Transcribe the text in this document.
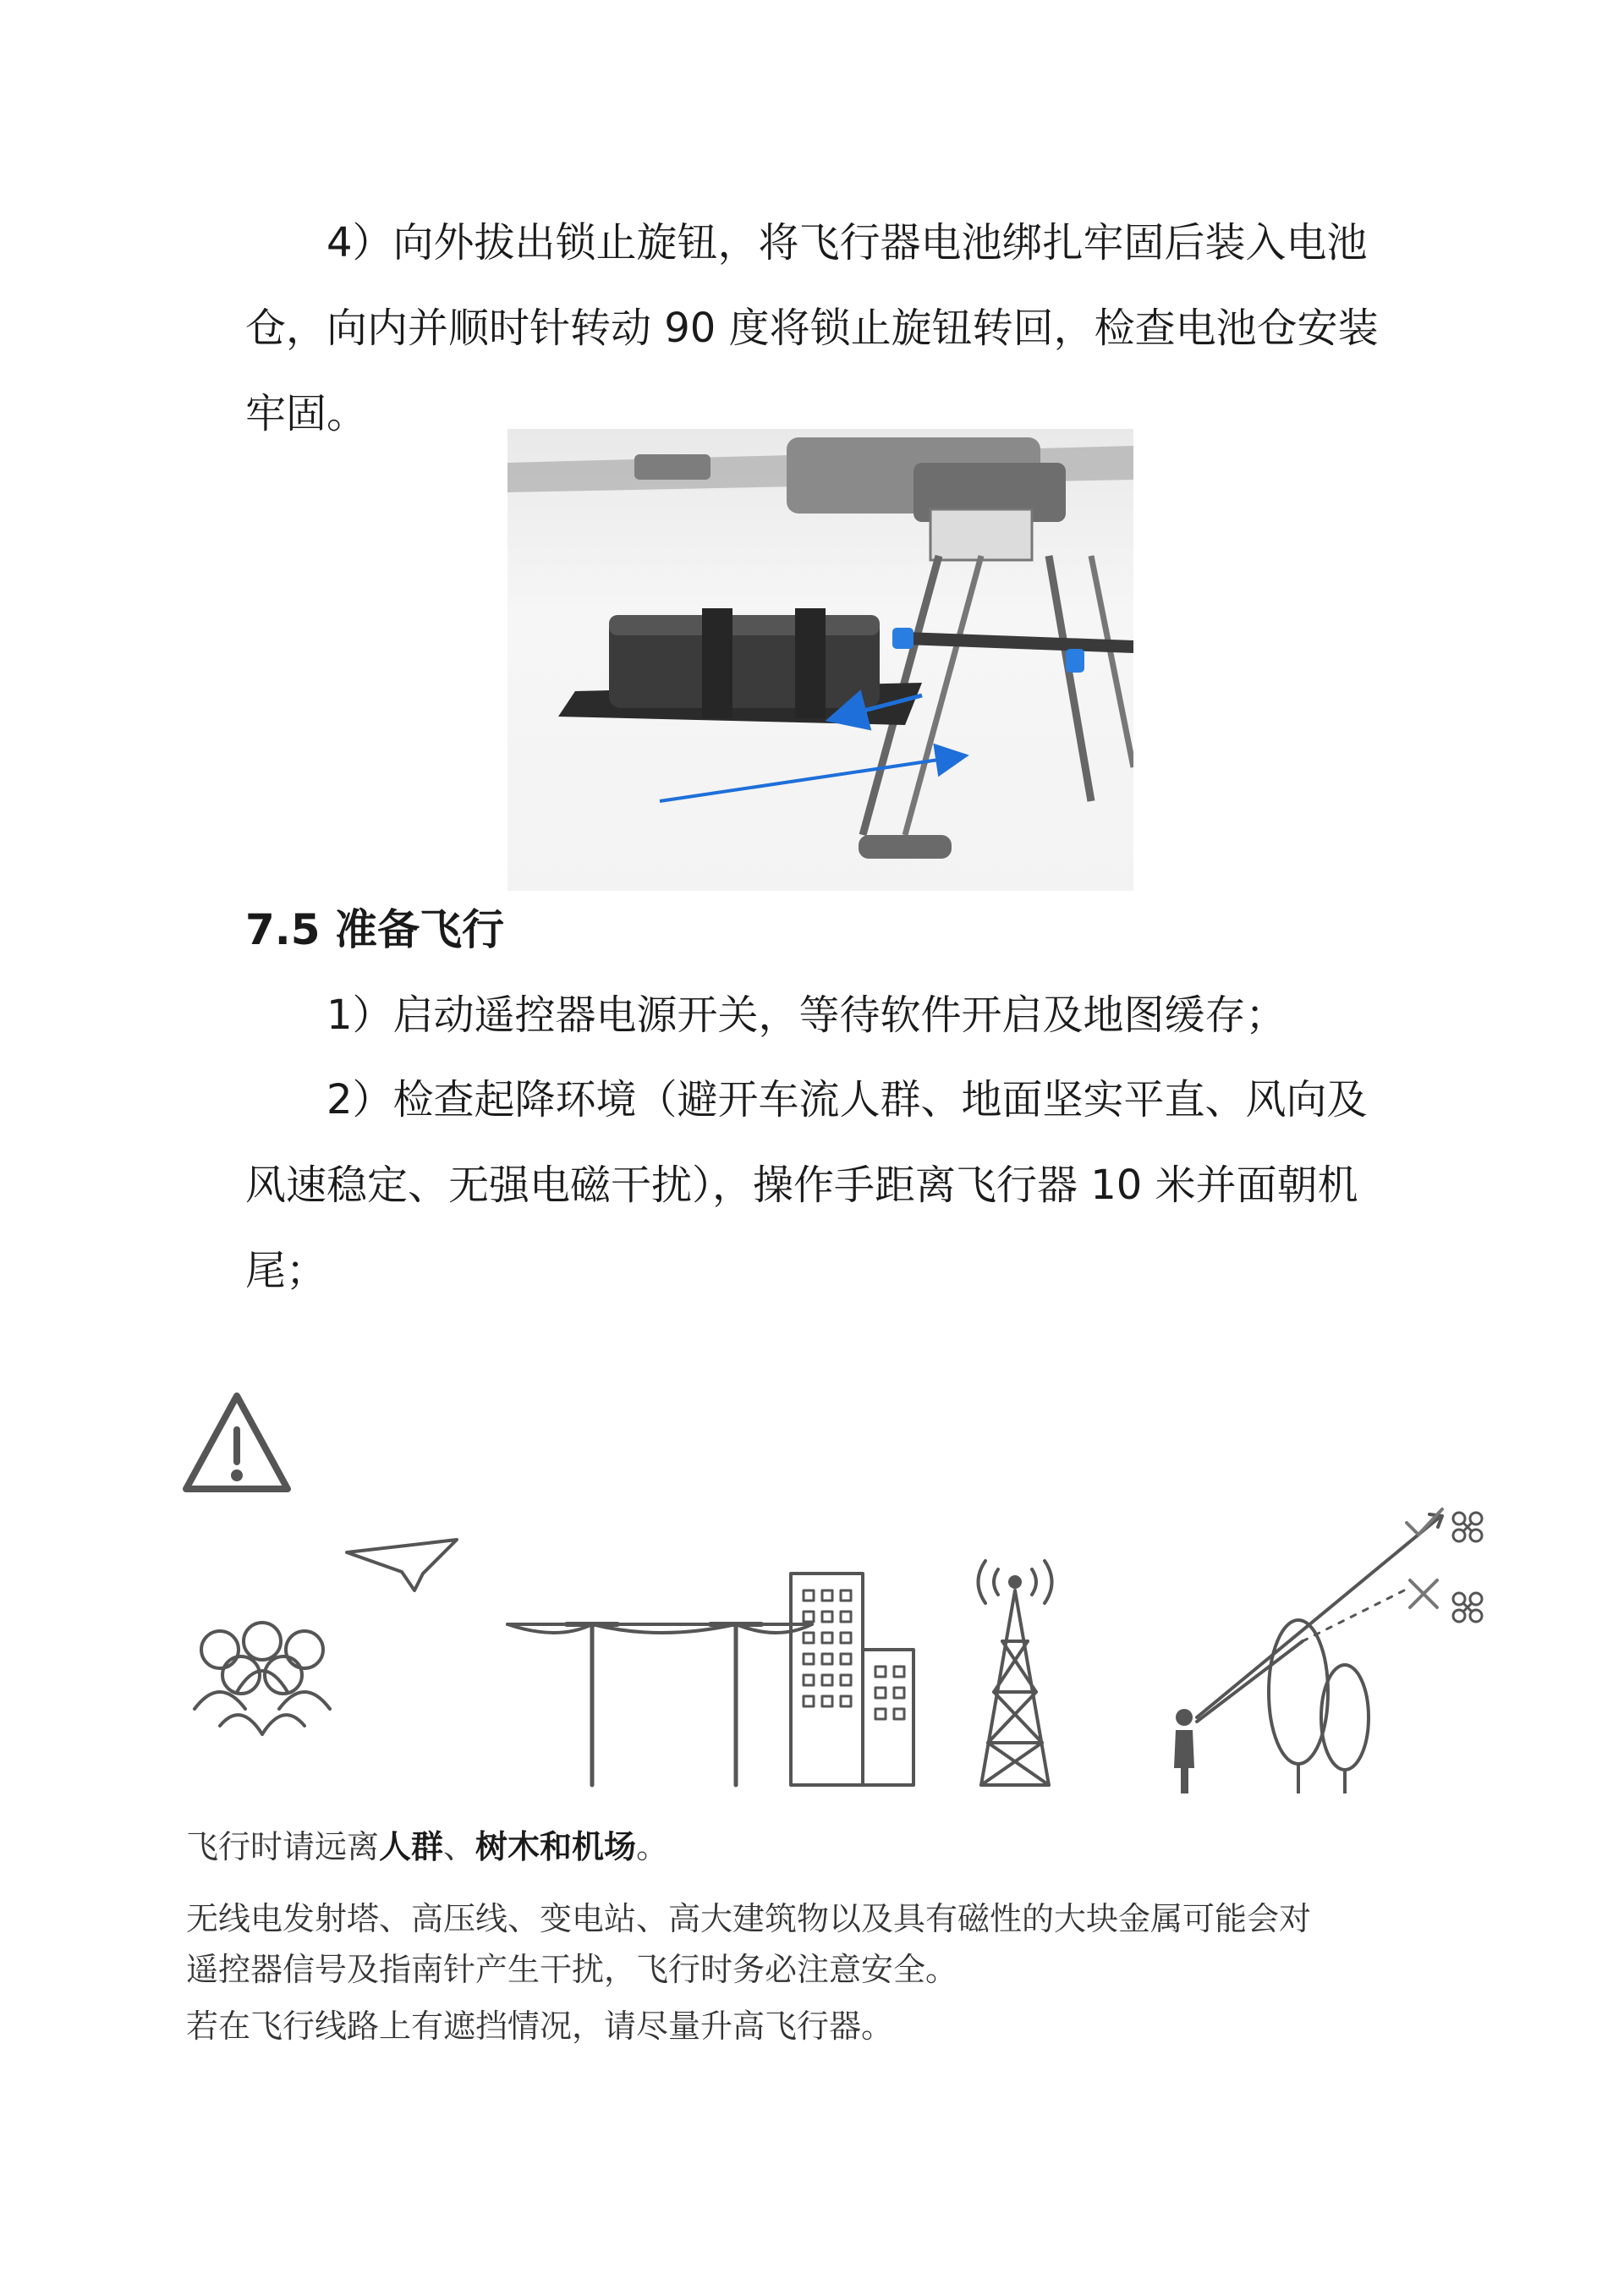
4）向外拔出锁止旋钮，将飞行器电池绑扎牢固后装入电池仓，向内并顺时针转动 90 度将锁止旋钮转回，检查电池仓安装牢固。

7.5 准备飞行

1）启动遥控器电源开关，等待软件开启及地图缓存；

2）检查起降环境（避开车流人群、地面坚实平直、风向及风速稳定、无强电磁干扰），操作手距离飞行器 10 米并面朝机尾；

飞行时请远离人群、树木和机场。

无线电发射塔、高压线、变电站、高大建筑物以及具有磁性的大块金属可能会对

遥控器信号及指南针产生干扰，飞行时务必注意安全。

若在飞行线路上有遮挡情况，请尽量升高飞行器。
